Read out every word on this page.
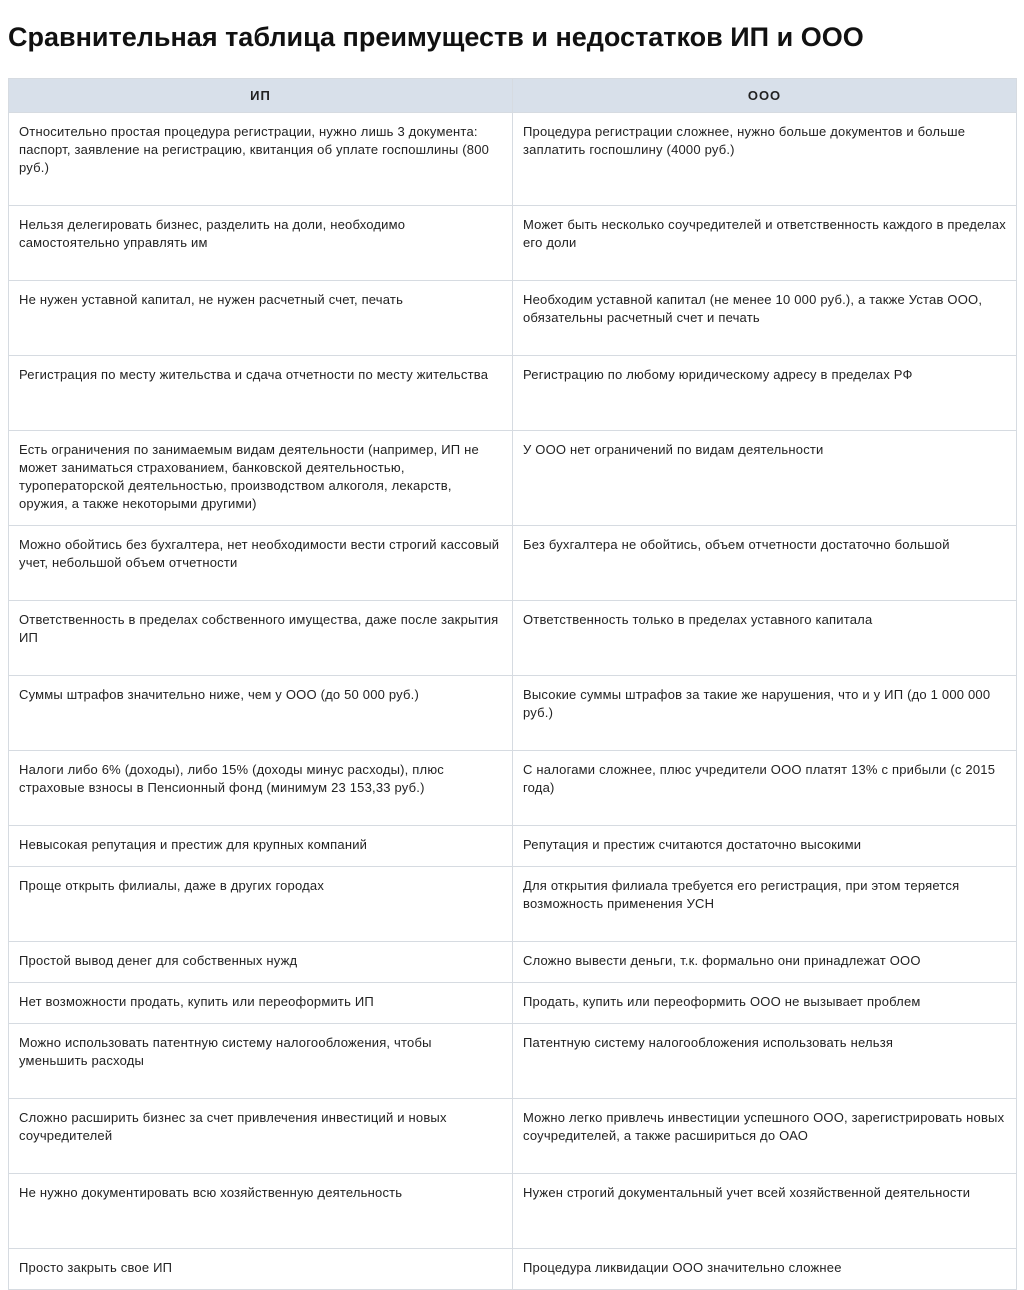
Сравнительная таблица преимуществ и недостатков ИП и ООО
ИП	ООО
Относительно простая процедура регистрации, нужно лишь 3 документа: паспорт, заявление на регистрацию, квитанция об уплате госпошлины (800 руб.)	Процедура регистрации сложнее, нужно больше документов и больше заплатить госпошлину (4000 руб.)
Нельзя делегировать бизнес, разделить на доли, необходимо самостоятельно управлять им	Может быть несколько соучредителей и ответственность каждого в пределах его доли
Не нужен уставной капитал, не нужен расчетный счет, печать	Необходим уставной капитал (не менее 10 000 руб.), а также Устав ООО, обязательны расчетный счет и печать
Регистрация по месту жительства и сдача отчетности по месту жительства	Регистрацию по любому юридическому адресу в пределах РФ
Есть ограничения по занимаемым видам деятельности (например, ИП не может заниматься страхованием, банковской деятельностью, туроператорской деятельностью, производством алкоголя, лекарств, оружия, а также некоторыми другими)	У ООО нет ограничений по видам деятельности
Можно обойтись без бухгалтера, нет необходимости вести строгий кассовый учет, небольшой объем отчетности	Без бухгалтера не обойтись, объем отчетности достаточно большой
Ответственность в пределах собственного имущества, даже после закрытия ИП	Ответственность только в пределах уставного капитала
Суммы штрафов значительно ниже, чем у ООО (до 50 000 руб.)	Высокие суммы штрафов за такие же нарушения, что и у ИП (до 1 000 000 руб.)
Налоги либо 6% (доходы), либо 15% (доходы минус расходы), плюс страховые взносы в Пенсионный фонд (минимум 23 153,33 руб.)	С налогами сложнее, плюс учредители ООО платят 13% с прибыли (с 2015 года)
Невысокая репутация и престиж для крупных компаний	Репутация и престиж считаются достаточно высокими
Проще открыть филиалы, даже в других городах	Для открытия филиала требуется его регистрация, при этом теряется возможность применения УСН
Простой вывод денег для собственных нужд	Сложно вывести деньги, т.к. формально они принадлежат ООО
Нет возможности продать, купить или переоформить ИП	Продать, купить или переоформить ООО не вызывает проблем
Можно использовать патентную систему налогообложения, чтобы уменьшить расходы	Патентную систему налогообложения использовать нельзя
Сложно расширить бизнес за счет привлечения инвестиций и новых соучредителей	Можно легко привлечь инвестиции успешного ООО, зарегистрировать новых соучредителей, а также расшириться до ОАО
Не нужно документировать всю хозяйственную деятельность	Нужен строгий документальный учет всей хозяйственной деятельности
Просто закрыть свое ИП	Процедура ликвидации ООО значительно сложнее
